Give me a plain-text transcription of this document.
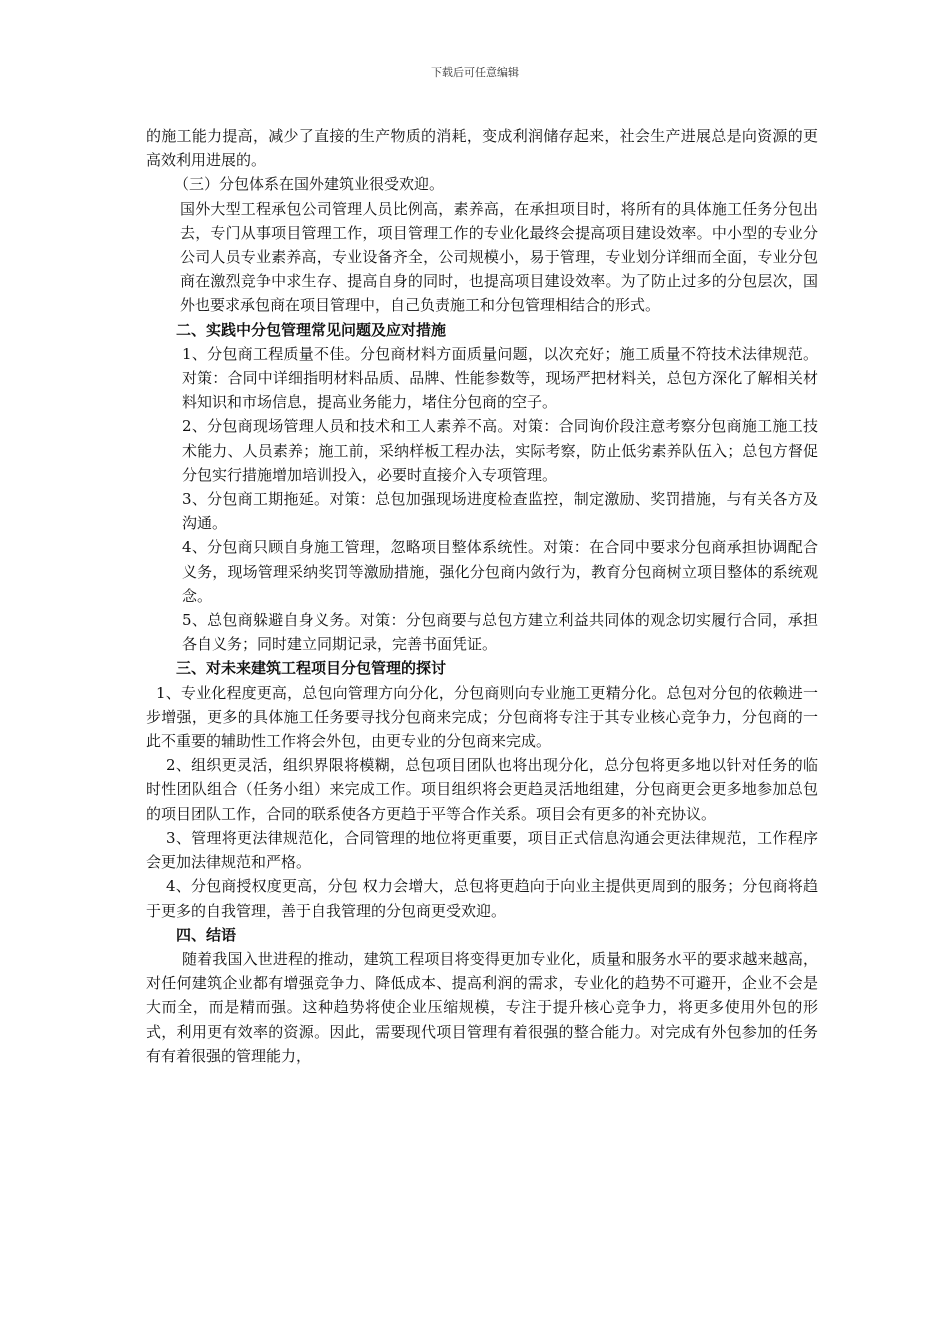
下载后可任意编辑

的施工能力提高，减少了直接的生产物质的消耗，变成利润储存起来，社会生产进展总是向资源的更高效利用进展的。

（三）分包体系在国外建筑业很受欢迎。

国外大型工程承包公司管理人员比例高，素养高，在承担项目时，将所有的具体施工任务分包出去，专门从事项目管理工作，项目管理工作的专业化最终会提高项目建设效率。中小型的专业分公司人员专业素养高，专业设备齐全，公司规模小，易于管理，专业划分详细而全面，专业分包商在激烈竞争中求生存、提高自身的同时，也提高项目建设效率。为了防止过多的分包层次，国外也要求承包商在项目管理中，自己负责施工和分包管理相结合的形式。

二、实践中分包管理常见问题及应对措施

1、分包商工程质量不佳。分包商材料方面质量问题，以次充好；施工质量不符技术法律规范。对策：合同中详细指明材料品质、品牌、性能参数等，现场严把材料关，总包方深化了解相关材料知识和市场信息，提高业务能力，堵住分包商的空子。

2、分包商现场管理人员和技术和工人素养不高。对策：合同询价段注意考察分包商施工施工技术能力、人员素养；施工前，采纳样板工程办法，实际考察，防止低劣素养队伍入；总包方督促分包实行措施增加培训投入，必要时直接介入专项管理。

3、分包商工期拖延。对策：总包加强现场进度检查监控，制定激励、奖罚措施，与有关各方及沟通。

4、分包商只顾自身施工管理，忽略项目整体系统性。对策：在合同中要求分包商承担协调配合义务，现场管理采纳奖罚等激励措施，强化分包商内敛行为，教育分包商树立项目整体的系统观念。

5、总包商躲避自身义务。对策：分包商要与总包方建立利益共同体的观念切实履行合同，承担各自义务；同时建立同期记录，完善书面凭证。

三、对未来建筑工程项目分包管理的探讨

1、专业化程度更高，总包向管理方向分化，分包商则向专业施工更精分化。总包对分包的依赖进一步增强，更多的具体施工任务要寻找分包商来完成；分包商将专注于其专业核心竞争力，分包商的一此不重要的辅助性工作将会外包，由更专业的分包商来完成。

2、组织更灵活，组织界限将模糊，总包项目团队也将出现分化，总分包将更多地以针对任务的临时性团队组合（任务小组）来完成工作。项目组织将会更趋灵活地组建，分包商更会更多地参加总包的项目团队工作，合同的联系使各方更趋于平等合作关系。项目会有更多的补充协议。

3、管理将更法律规范化，合同管理的地位将更重要，项目正式信息沟通会更法律规范，工作程序会更加法律规范和严格。

4、分包商授权度更高，分包 权力会增大，总包将更趋向于向业主提供更周到的服务；分包商将趋于更多的自我管理，善于自我管理的分包商更受欢迎。

四、结语

随着我国入世进程的推动，建筑工程项目将变得更加专业化，质量和服务水平的要求越来越高，对任何建筑企业都有增强竞争力、降低成本、提高利润的需求，专业化的趋势不可避开，企业不会是大而全，而是精而强。这种趋势将使企业压缩规模，专注于提升核心竞争力，将更多使用外包的形式，利用更有效率的资源。因此，需要现代项目管理有着很强的整合能力。对完成有外包参加的任务有有着很强的管理能力，
